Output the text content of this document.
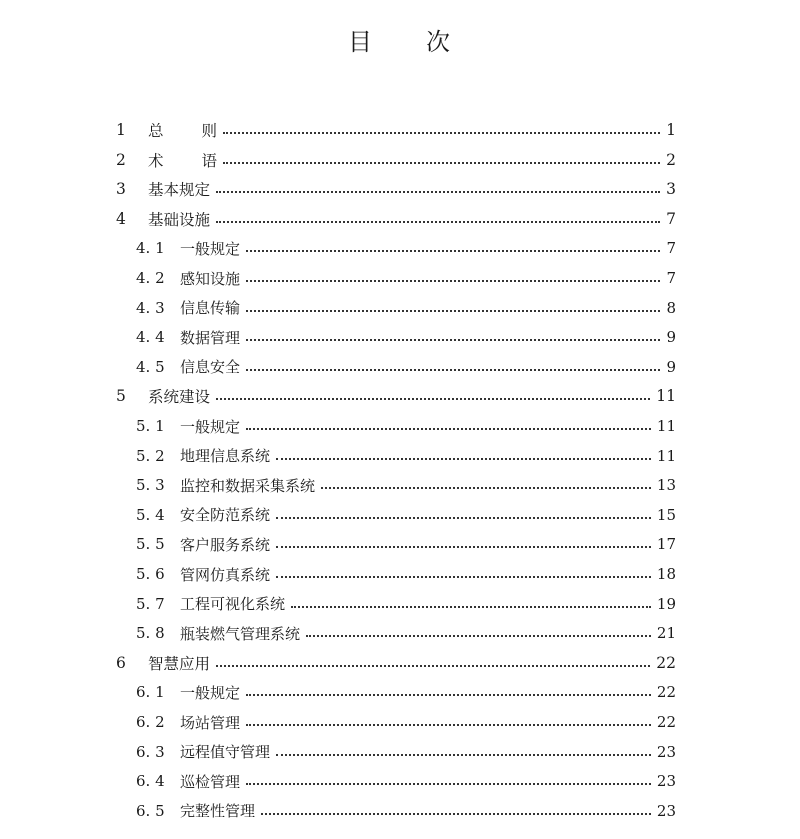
目 次
1	总 则	1
2	术 语	2
3	基本规定	3
4	基础设施	7
4. 1	一般规定	7
4. 2	感知设施	7
4. 3	信息传输	8
4. 4	数据管理	9
4. 5	信息安全	9
5	系统建设	11
5. 1	一般规定	11
5. 2	地理信息系统	11
5. 3	监控和数据采集系统	13
5. 4	安全防范系统	15
5. 5	客户服务系统	17
5. 6	管网仿真系统	18
5. 7	工程可视化系统	19
5. 8	瓶装燃气管理系统	21
6	智慧应用	22
6. 1	一般规定	22
6. 2	场站管理	22
6. 3	远程值守管理	23
6. 4	巡检管理	23
6. 5	完整性管理	23
